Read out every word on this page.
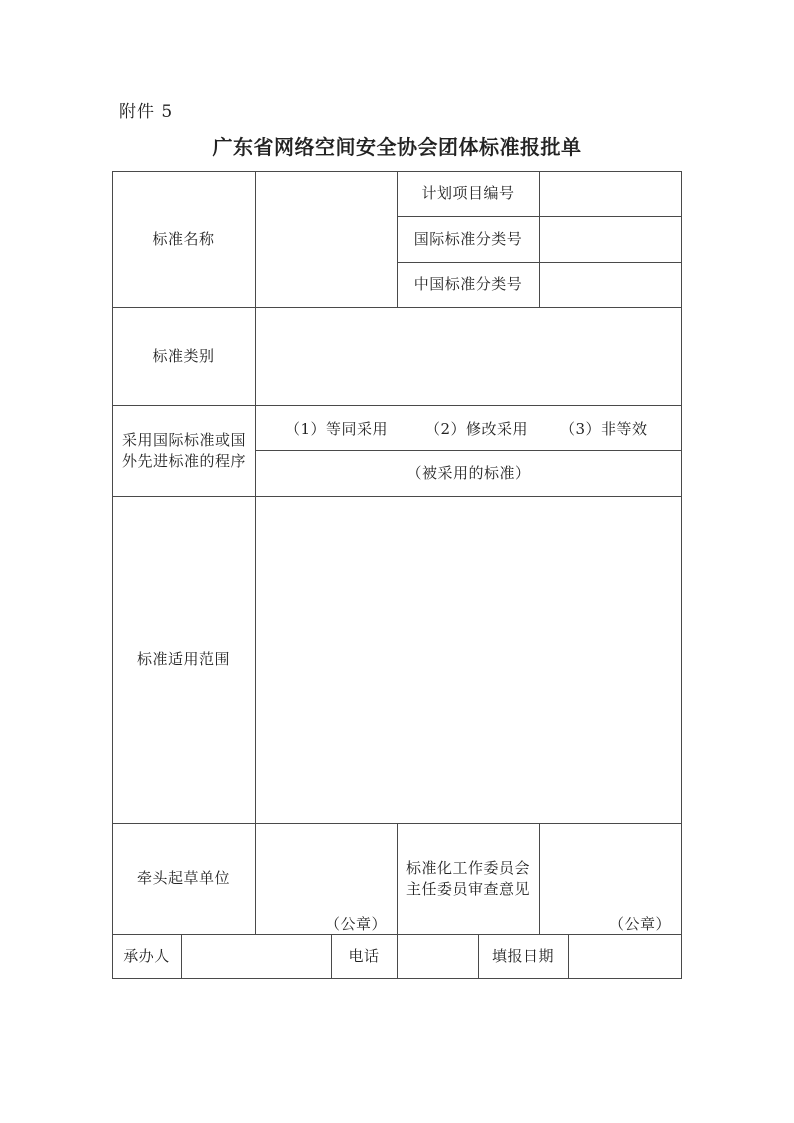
附件 5
广东省网络空间安全协会团体标准报批单
标准名称
计划项目编号
国际标准分类号
中国标准分类号
标准类别
采用国际标准或国外先进标准的程序
（1）等同采用 （2）修改采用 （3）非等效
（被采用的标准）
标准适用范围
牵头起草单位
（公章）
标准化工作委员会主任委员审查意见
（公章）
承办人	电话	填报日期
